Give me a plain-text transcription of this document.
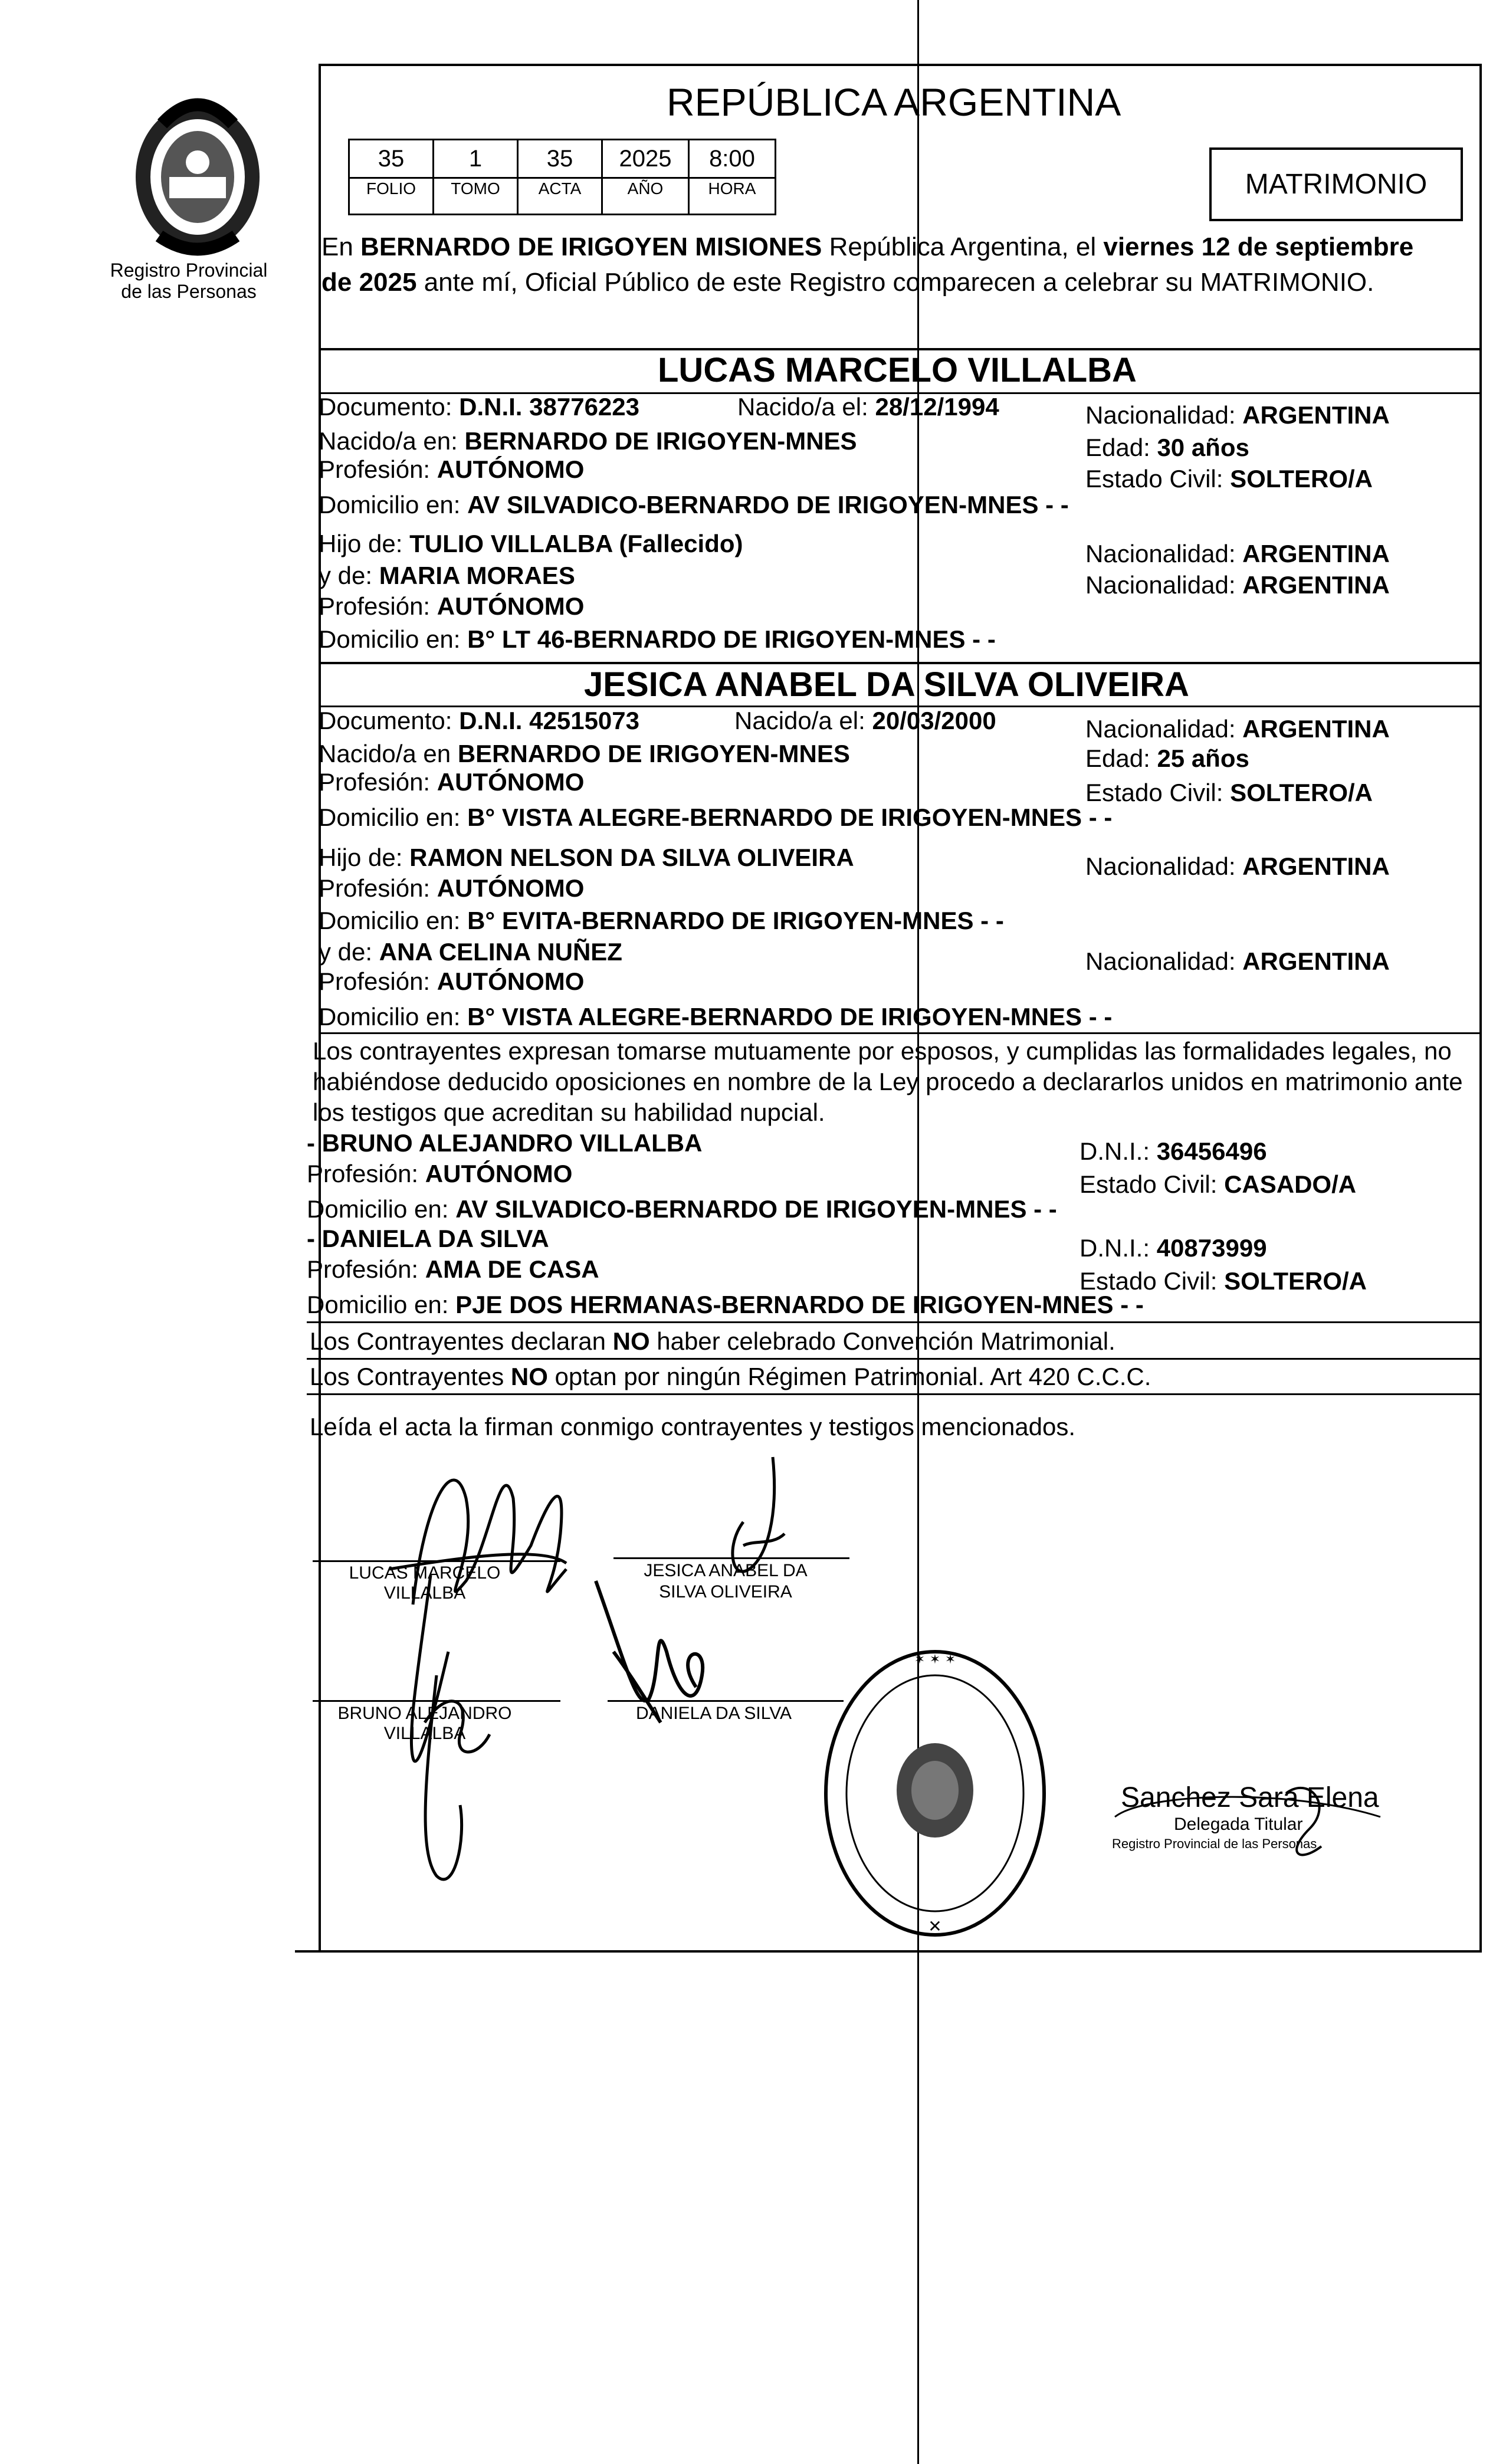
Registro Provincial
de las Personas
REPÚBLICA ARGENTINA
MATRIMONIO
35
FOLIO
1
TOMO
35
ACTA
2025
AÑO
8:00
HORA
En BERNARDO DE IRIGOYEN MISIONES República Argentina, el viernes 12 de septiembre
de 2025 ante mí, Oficial Público de este Registro comparecen a celebrar su MATRIMONIO.
LUCAS MARCELO VILLALBA
Documento: D.N.I. 38776223	Nacido/a el: 28/12/1994	Nacionalidad: ARGENTINA
Nacido/a en: BERNARDO DE IRIGOYEN-MNES	Edad: 30 años
Profesión: AUTÓNOMO	Estado Civil: SOLTERO/A
Domicilio en: AV SILVADICO-BERNARDO DE IRIGOYEN-MNES - -
Hijo de: TULIO VILLALBA (Fallecido)	Nacionalidad: ARGENTINA
y de: MARIA MORAES	Nacionalidad: ARGENTINA
Profesión: AUTÓNOMO
Domicilio en: B° LT 46-BERNARDO DE IRIGOYEN-MNES - -
JESICA ANABEL DA SILVA OLIVEIRA
Documento: D.N.I. 42515073	Nacido/a el: 20/03/2000	Nacionalidad: ARGENTINA
Nacido/a en BERNARDO DE IRIGOYEN-MNES	Edad: 25 años
Profesión: AUTÓNOMO	Estado Civil: SOLTERO/A
Domicilio en: B° VISTA ALEGRE-BERNARDO DE IRIGOYEN-MNES - -
Hijo de: RAMON NELSON DA SILVA OLIVEIRA	Nacionalidad: ARGENTINA
Profesión: AUTÓNOMO
Domicilio en: B° EVITA-BERNARDO DE IRIGOYEN-MNES - -
y de: ANA CELINA NUÑEZ	Nacionalidad: ARGENTINA
Profesión: AUTÓNOMO
Domicilio en: B° VISTA ALEGRE-BERNARDO DE IRIGOYEN-MNES - -
Los contrayentes expresan tomarse mutuamente por esposos, y cumplidas las formalidades legales, no
habiéndose deducido oposiciones en nombre de la Ley procedo a declararlos unidos en matrimonio ante
los testigos que acreditan su habilidad nupcial.
- BRUNO ALEJANDRO VILLALBA	D.N.I.: 36456496
Profesión: AUTÓNOMO	Estado Civil: CASADO/A
Domicilio en: AV SILVADICO-BERNARDO DE IRIGOYEN-MNES - -
- DANIELA DA SILVA	D.N.I.: 40873999
Profesión: AMA DE CASA	Estado Civil: SOLTERO/A
Domicilio en: PJE DOS HERMANAS-BERNARDO DE IRIGOYEN-MNES - -
Los Contrayentes declaran NO haber celebrado Convención Matrimonial.
Los Contrayentes NO optan por ningún Régimen Patrimonial. Art 420 C.C.C.
Leída el acta la firman conmigo contrayentes y testigos mencionados.
LUCAS MARCELO
VILLALBA
JESICA ANABEL DA
SILVA OLIVEIRA
BRUNO ALEJANDRO
VILLALBA
DANIELA DA SILVA
✶ ✶ ✶
✕
Sanchez Sara Elena
Delegada Titular
Registro Provincial de las Personas
